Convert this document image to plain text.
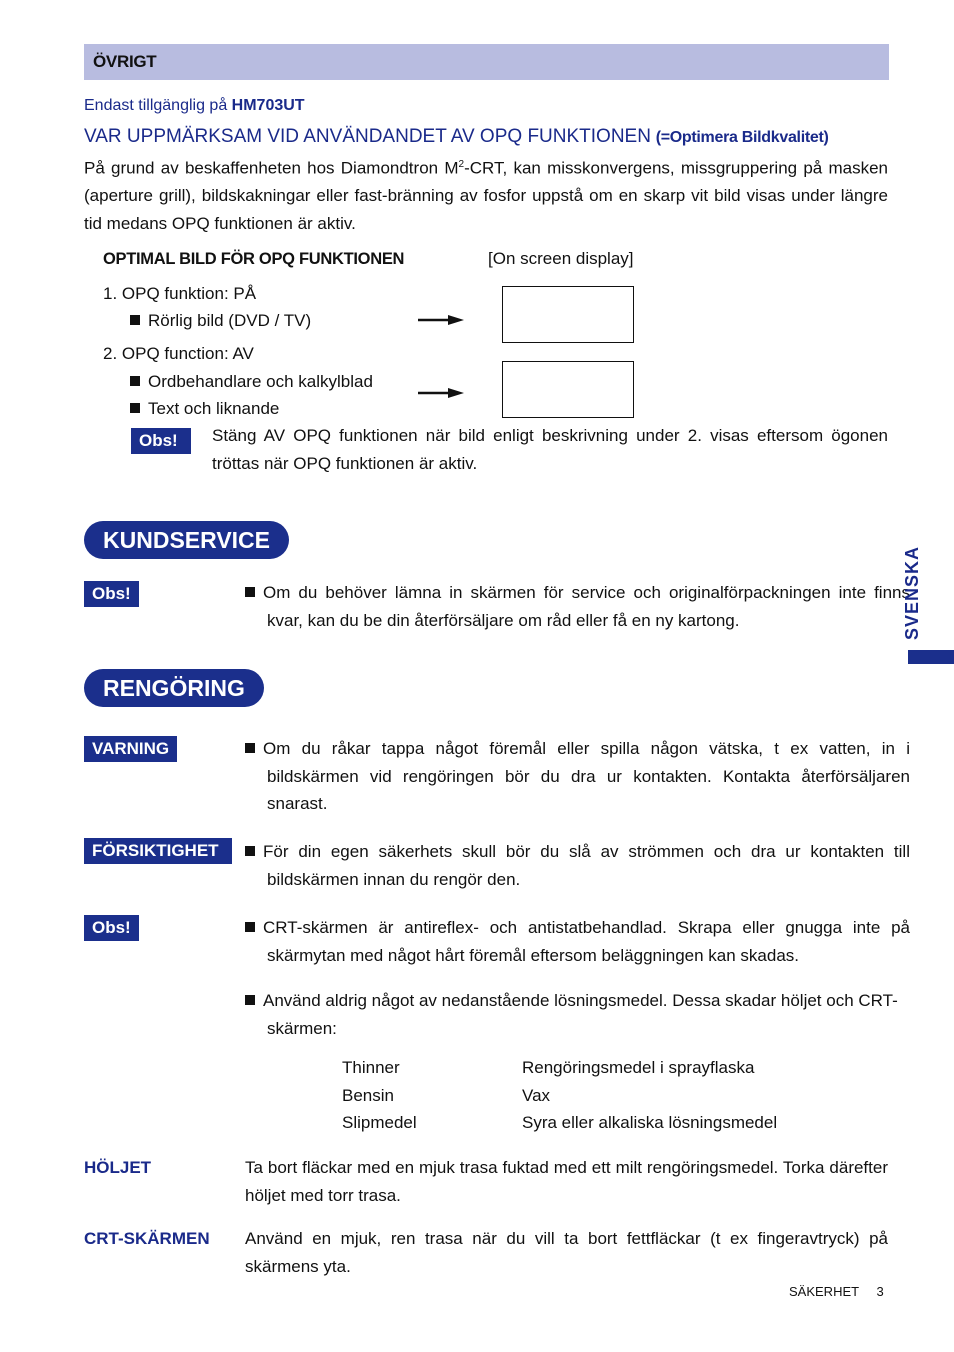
ÖVRIGT
Endast tillgänglig på HM703UT
VAR UPPMÄRKSAM VID ANVÄNDANDET AV OPQ FUNKTIONEN (=Optimera Bildkvalitet)

På grund av beskaffenheten hos Diamondtron $M^2$-CRT, kan misskonvergens, missgruppering på masken (aperture grill), bildskakningar eller fast-bränning av fosfor uppstå om en skarp vit bild visas under längre tid medans OPQ funktionen är aktiv.

OPTIMAL BILD FÖR OPQ FUNKTIONEN	[On screen display]
1. OPQ funktion: PÅ
Rörlig bild (DVD / TV)
2. OPQ function: AV
Ordbehandlare och kalkylblad
Text och liknande
Obs!	Stäng AV OPQ funktionen när bild enligt beskrivning under 2. visas eftersom ögonen tröttas när OPQ funktionen är aktiv.

KUNDSERVICE
Obs!	Om du behöver lämna in skärmen för service och originalförpackningen inte finns kvar, kan du be din återförsäljare om råd eller få en ny kartong.	SVENSKA
RENGÖRING
VARNING	Om du råkar tappa något föremål eller spilla någon vätska, t ex vatten, in i bildskärmen vid rengöringen bör du dra ur kontakten. Kontakta återförsäljaren snarast.

FÖRSIKTIGHET	För din egen säkerhets skull bör du slå av strömmen och dra ur kontakten till bildskärmen innan du rengör den.

Obs!	CRT-skärmen är antireflex- och antistatbehandlad. Skrapa eller gnugga inte på skärmytan med något hårt föremål eftersom beläggningen kan skadas.

Använd aldrig något av nedanstående lösningsmedel. Dessa skadar höljet och CRT-skärmen:

Thinner	Rengöringsmedel i sprayflaska
Bensin	Vax
Slipmedel	Syra eller alkaliska lösningsmedel
HÖLJET	Ta bort fläckar med en mjuk trasa fuktad med ett milt rengöringsmedel. Torka därefter höljet med torr trasa.

CRT-SKÄRMEN Använd en mjuk, ren trasa när du vill ta bort fettfläckar (t ex fingeravtryck) på skärmens yta.

SÄKERHET 3
